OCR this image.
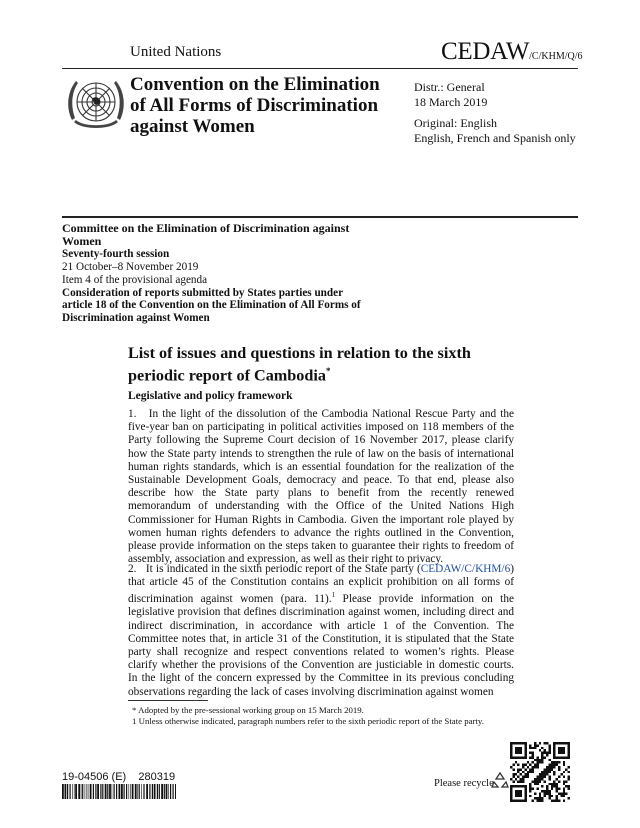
United Nations	CEDAW/C/KHM/Q/6
Convention on the Elimination of All Forms of Discrimination against Women
Distr.: General
18 March 2019
Original: English
English, French and Spanish only
Committee on the Elimination of Discrimination against Women
Seventy-fourth session
21 October–8 November 2019
Item 4 of the provisional agenda
Consideration of reports submitted by States parties under article 18 of the Convention on the Elimination of All Forms of Discrimination against Women
List of issues and questions in relation to the sixth periodic report of Cambodia*
Legislative and policy framework
1.   In the light of the dissolution of the Cambodia National Rescue Party and the five-year ban on participating in political activities imposed on 118 members of the Party following the Supreme Court decision of 16 November 2017, please clarify how the State party intends to strengthen the rule of law on the basis of international human rights standards, which is an essential foundation for the realization of the Sustainable Development Goals, democracy and peace. To that end, please also describe how the State party plans to benefit from the recently renewed memorandum of understanding with the Office of the United Nations High Commissioner for Human Rights in Cambodia. Given the important role played by women human rights defenders to advance the rights outlined in the Convention, please provide information on the steps taken to guarantee their rights to freedom of assembly, association and expression, as well as their right to privacy.
2.   It is indicated in the sixth periodic report of the State party (CEDAW/C/KHM/6) that article 45 of the Constitution contains an explicit prohibition on all forms of discrimination against women (para. 11).$^1$ Please provide information on the legislative provision that defines discrimination against women, including direct and indirect discrimination, in accordance with article 1 of the Convention. The Committee notes that, in article 31 of the Constitution, it is stipulated that the State party shall recognize and respect conventions related to women’s rights. Please clarify whether the provisions of the Convention are justiciable in domestic courts. In the light of the concern expressed by the Committee in its previous concluding observations regarding the lack of cases involving discrimination against women
* Adopted by the pre-sessional working group on 15 March 2019.
1 Unless otherwise indicated, paragraph numbers refer to the sixth periodic report of the State party.
19-04506 (E)    280319
Please recycle
